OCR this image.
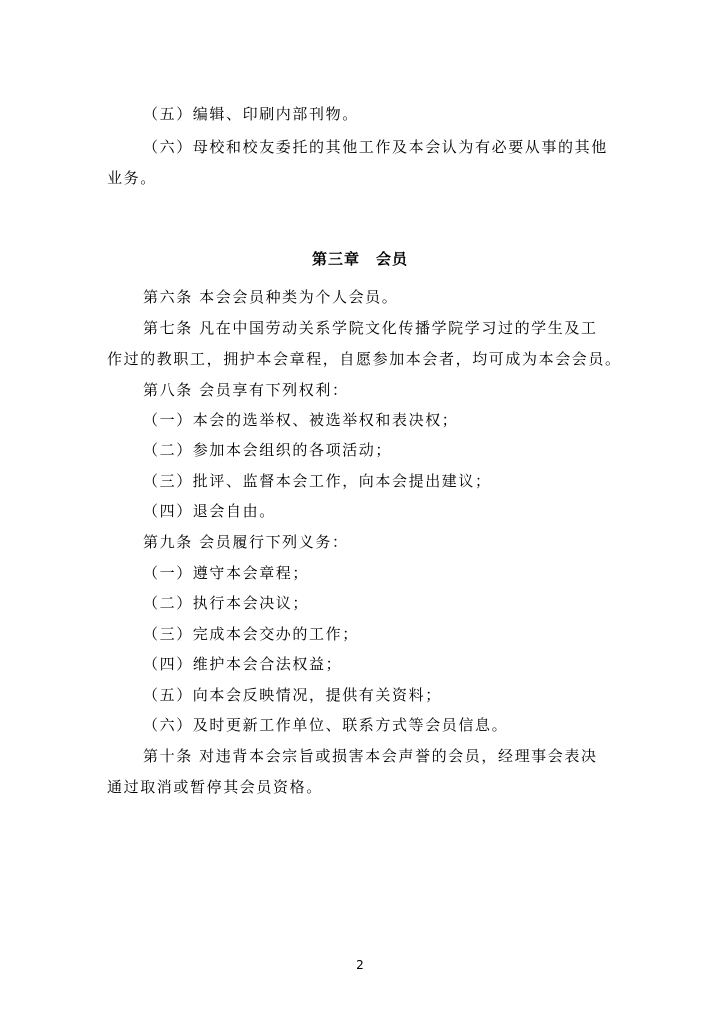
（五）编辑、印刷内部刊物。
（六）母校和校友委托的其他工作及本会认为有必要从事的其他
业务。
第三章　会员
第六条 本会会员种类为个人会员。
第七条 凡在中国劳动关系学院文化传播学院学习过的学生及工
作过的教职工，拥护本会章程，自愿参加本会者，均可成为本会会员。
第八条 会员享有下列权利：
（一）本会的选举权、被选举权和表决权；
（二）参加本会组织的各项活动；
（三）批评、监督本会工作，向本会提出建议；
（四）退会自由。
第九条 会员履行下列义务：
（一）遵守本会章程；
（二）执行本会决议；
（三）完成本会交办的工作；
（四）维护本会合法权益；
（五）向本会反映情况，提供有关资料；
（六）及时更新工作单位、联系方式等会员信息。
第十条 对违背本会宗旨或损害本会声誉的会员，经理事会表决
通过取消或暂停其会员资格。
2
